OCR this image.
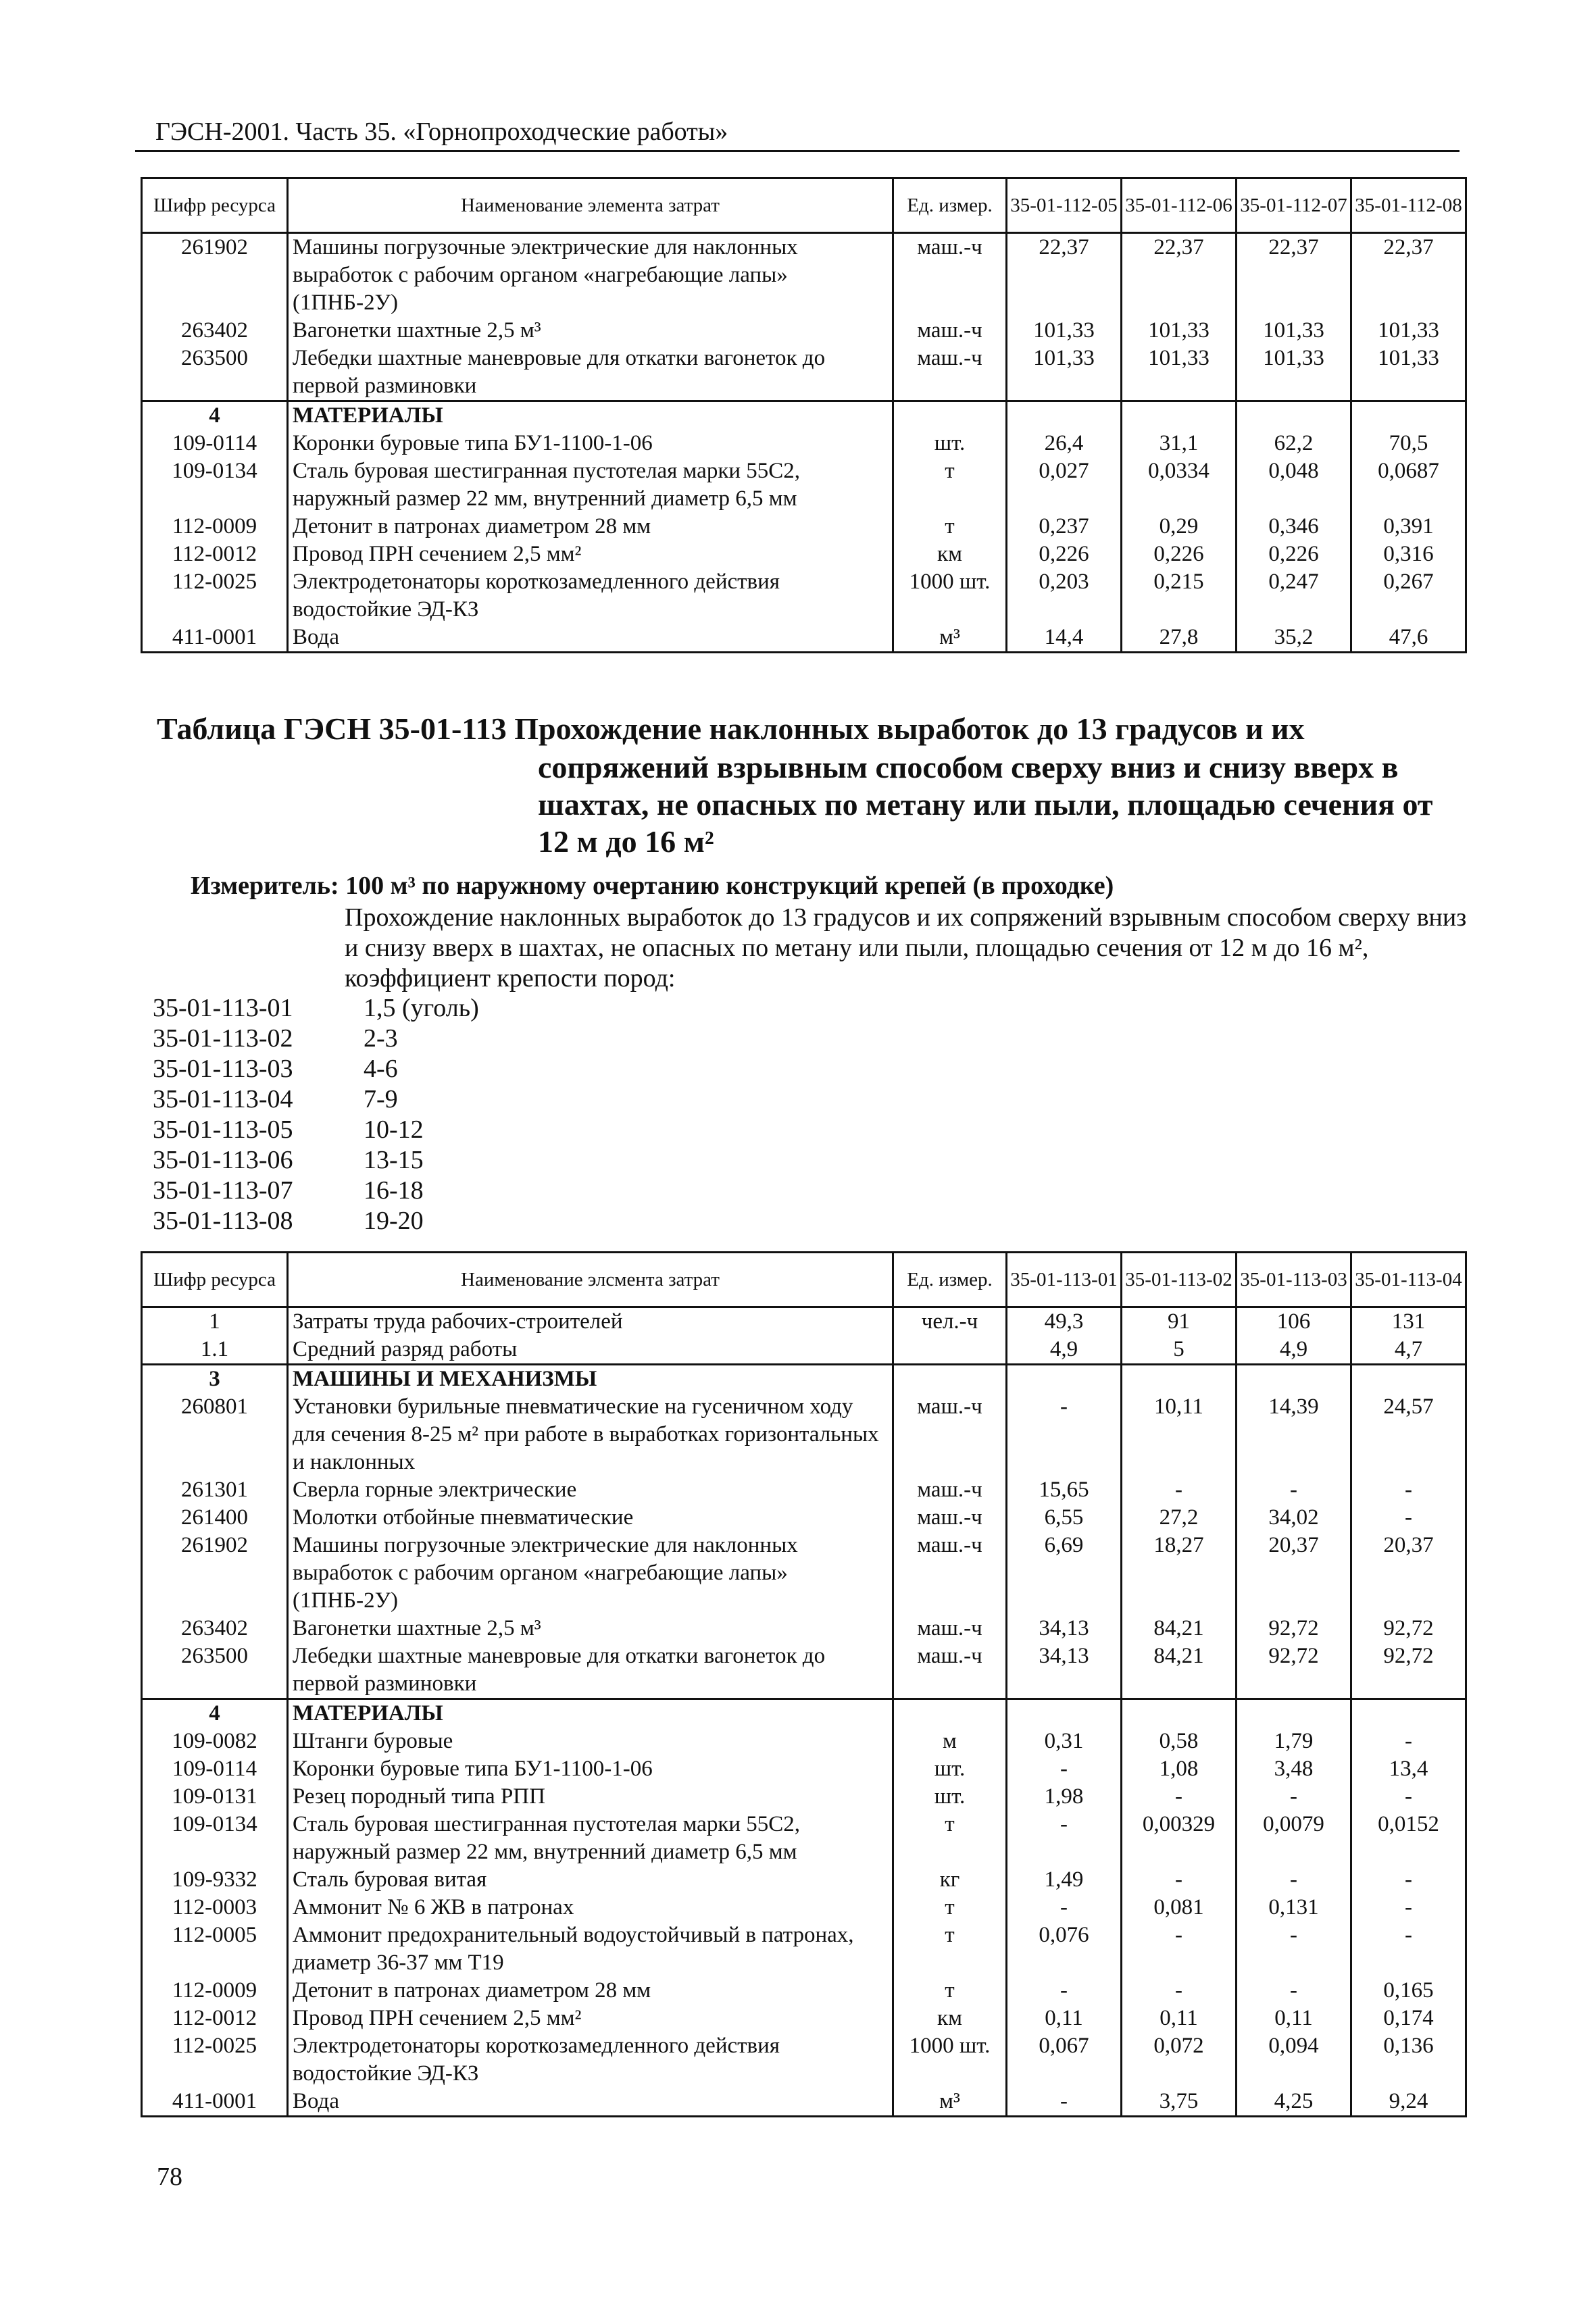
ГЭСН-2001. Часть 35. «Горнопроходческие работы»
Шифр ресурса	Наименование элемента затрат	Ед. измер.	35-01-112-05	35-01-112-06	35-01-112-07	35-01-112-08
261902	Машины погрузочные электрические для наклонных выработок с рабочим органом «нагребающие лапы» (1ПНБ-2У)	маш.-ч	22,37	22,37	22,37	22,37
263402	Вагонетки шахтные 2,5 м³	маш.-ч	101,33	101,33	101,33	101,33
263500	Лебедки шахтные маневровые для откатки вагонеток до первой разминовки	маш.-ч	101,33	101,33	101,33	101,33
4	МАТЕРИАЛЫ					
109-0114	Коронки буровые типа БУ1-1100-1-06	шт.	26,4	31,1	62,2	70,5
109-0134	Сталь буровая шестигранная пустотелая марки 55С2, наружный размер 22 мм, внутренний диаметр 6,5 мм	т	0,027	0,0334	0,048	0,0687
112-0009	Детонит в патронах диаметром 28 мм	т	0,237	0,29	0,346	0,391
112-0012	Провод ПРН сечением 2,5 мм²	км	0,226	0,226	0,226	0,316
112-0025	Электродетонаторы короткозамедленного действия водостойкие ЭД-КЗ	1000 шт.	0,203	0,215	0,247	0,267
411-0001	Вода	м³	14,4	27,8	35,2	47,6
Таблица ГЭСН 35-01-113 Прохождение наклонных выработок до 13 градусов и их

сопряжений взрывным способом сверху вниз и снизу вверх в шахтах, не опасных по метану или пыли, площадью сечения от 12 м до 16 м²

Измеритель: 100 м³ по наружному очертанию конструкций крепей (в проходке)

Прохождение наклонных выработок до 13 градусов и их сопряжений взрывным способом сверху вниз и снизу вверх в шахтах, не опасных по метану или пыли, площадью сечения от 12 м до 16 м², коэффициент крепости пород:

35-01-113-01	1,5 (уголь)
35-01-113-02	2-3
35-01-113-03	4-6
35-01-113-04	7-9
35-01-113-05	10-12
35-01-113-06	13-15
35-01-113-07	16-18
35-01-113-08	19-20
Шифр ресурса	Наименование элсмента затрат	Ед. измер.	35-01-113-01	35-01-113-02	35-01-113-03	35-01-113-04
1	Затраты труда рабочих-строителей	чел.-ч	49,3	91	106	131
1.1	Средний разряд работы		4,9	5	4,9	4,7
3	МАШИНЫ И МЕХАНИЗМЫ					
260801	Установки бурильные пневматические на гусеничном ходу для сечения 8-25 м² при работе в выработках горизонтальных и наклонных	маш.-ч	-	10,11	14,39	24,57
261301	Сверла горные электрические	маш.-ч	15,65	-	-	-
261400	Молотки отбойные пневматические	маш.-ч	6,55	27,2	34,02	-
261902	Машины погрузочные электрические для наклонных выработок с рабочим органом «нагребающие лапы» (1ПНБ-2У)	маш.-ч	6,69	18,27	20,37	20,37
263402	Вагонетки шахтные 2,5 м³	маш.-ч	34,13	84,21	92,72	92,72
263500	Лебедки шахтные маневровые для откатки вагонеток до первой разминовки	маш.-ч	34,13	84,21	92,72	92,72
4	МАТЕРИАЛЫ					
109-0082	Штанги буровые	м	0,31	0,58	1,79	-
109-0114	Коронки буровые типа БУ1-1100-1-06	шт.	-	1,08	3,48	13,4
109-0131	Резец породный типа РПП	шт.	1,98	-	-	-
109-0134	Сталь буровая шестигранная пустотелая марки 55С2, наружный размер 22 мм, внутренний диаметр 6,5 мм	т	-	0,00329	0,0079	0,0152
109-9332	Сталь буровая витая	кг	1,49	-	-	-
112-0003	Аммонит № 6 ЖВ в патронах	т	-	0,081	0,131	-
112-0005	Аммонит предохранительный водоустойчивый в патронах, диаметр 36-37 мм Т19	т	0,076	-	-	-
112-0009	Детонит в патронах диаметром 28 мм	т	-	-	-	0,165
112-0012	Провод ПРН сечением 2,5 мм²	км	0,11	0,11	0,11	0,174
112-0025	Электродетонаторы короткозамедленного действия водостойкие ЭД-КЗ	1000 шт.	0,067	0,072	0,094	0,136
411-0001	Вода	м³	-	3,75	4,25	9,24
78
